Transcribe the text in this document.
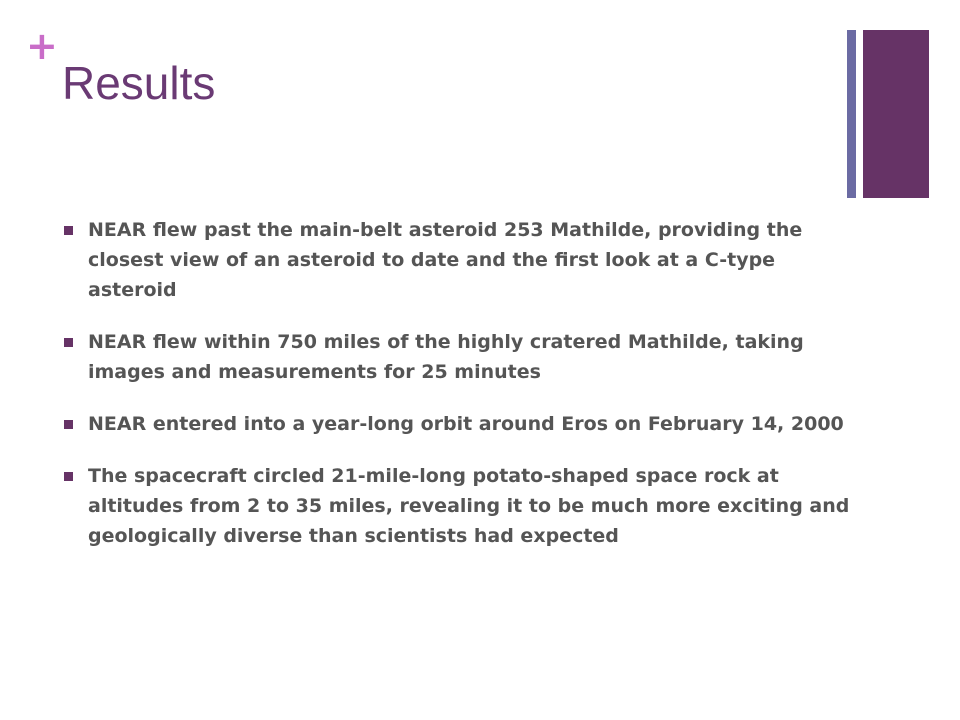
+
Results
NEAR flew past the main-belt asteroid 253 Mathilde, providing the closest view of an asteroid to date and the first look at a C-type asteroid
NEAR flew within 750 miles of the highly cratered Mathilde, taking images and measurements for 25 minutes
NEAR entered into a year-long orbit around Eros on February 14, 2000
The spacecraft circled 21-mile-long potato-shaped space rock at altitudes from 2 to 35 miles, revealing it to be much more exciting and geologically diverse than scientists had expected
